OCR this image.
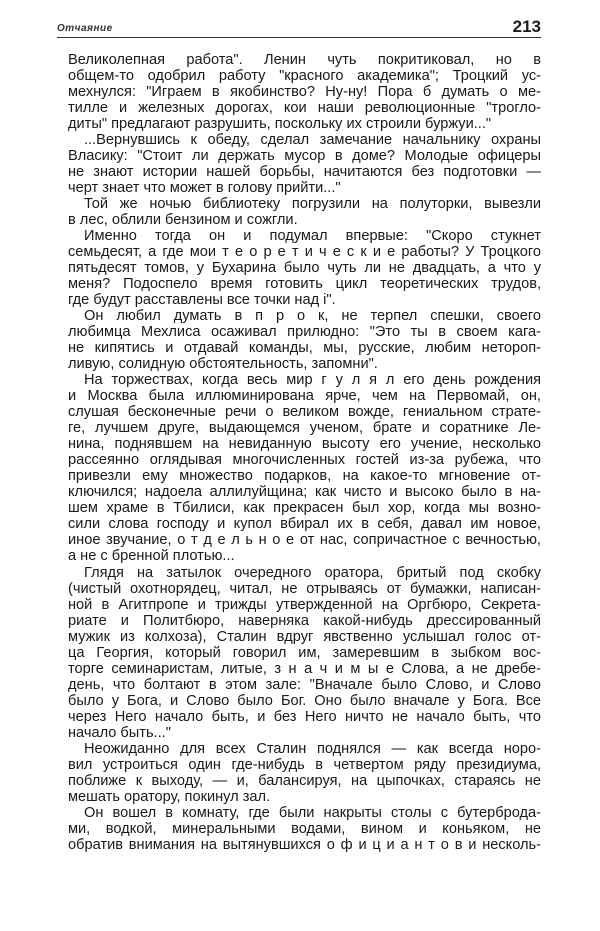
Отчаяние	213
Великолепная работа". Ленин чуть покритиковал, но в
общем-то одобрил работу "красного академика"; Троцкий ус-
мехнулся: "Играем в якобинство? Ну-ну! Пора б думать о ме-
тилле и железных дорогах, кои наши революционные "трогло-
диты" предлагают разрушить, поскольку их строили буржуи..."
...Вернувшись к обеду, сделал замечание начальнику охраны
Власику: "Стоит ли держать мусор в доме? Молодые офицеры
не знают истории нашей борьбы, начитаются без подготовки —
черт знает что может в голову прийти..."
Той же ночью библиотеку погрузили на полуторки, вывезли
в лес, облили бензином и сожгли.
Именно тогда он и подумал впервые: "Скоро стукнет
семьдесят, а где мои т е о р е т и ч е с к и е работы? У Троцкого
пятьдесят томов, у Бухарина было чуть ли не двадцать, а что у
меня? Подоспело время готовить цикл теоретических трудов,
где будут расставлены все точки над i".
Он любил думать в п р о к, не терпел спешки, своего
любимца Мехлиса осаживал прилюдно: "Это ты в своем кага-
не кипятись и отдавай команды, мы, русские, любим нетороп-
ливую, солидную обстоятельность, запомни".
На торжествах, когда весь мир г у л я л его день рождения
и Москва была иллюминирована ярче, чем на Первомай, он,
слушая бесконечные речи о великом вожде, гениальном страте-
ге, лучшем друге, выдающемся ученом, брате и соратнике Ле-
нина, поднявшем на невиданную высоту его учение, несколько
рассеянно оглядывая многочисленных гостей из-за рубежа, что
привезли ему множество подарков, на какое-то мгновение от-
ключился; надоела аллилуйщина; как чисто и высоко было в на-
шем храме в Тбилиси, как прекрасен был хор, когда мы возно-
сили слова господу и купол вбирал их в себя, давал им новое,
иное звучание, о т д е л ь н о е от нас, сопричастное с вечностью,
а не с бренной плотью...
Глядя на затылок очередного оратора, бритый под скобку
(чистый охотнорядец, читал, не отрываясь от бумажки, написан-
ной в Агитпропе и трижды утвержденной на Оргбюро, Секрета-
риате и Политбюро, наверняка какой-нибудь дрессированный
мужик из колхоза), Сталин вдруг явственно услышал голос от-
ца Георгия, который говорил им, замеревшим в зыбком вос-
торге семинаристам, литые, з н а ч и м ы е Слова, а не дребе-
день, что болтают в этом зале: "Вначале было Слово, и Слово
было у Бога, и Слово было Бог. Оно было вначале у Бога. Все
через Него начало быть, и без Него ничто не начало быть, что
начало быть..."
Неожиданно для всех Сталин поднялся — как всегда норо-
вил устроиться один где-нибудь в четвертом ряду президиума,
поближе к выходу, — и, балансируя, на цыпочках, стараясь не
мешать оратору, покинул зал.
Он вошел в комнату, где были накрыты столы с бутерброда-
ми, водкой, минеральными водами, вином и коньяком, не
обратив внимания на вытянувшихся о ф и ц и а н т о в и несколь-
